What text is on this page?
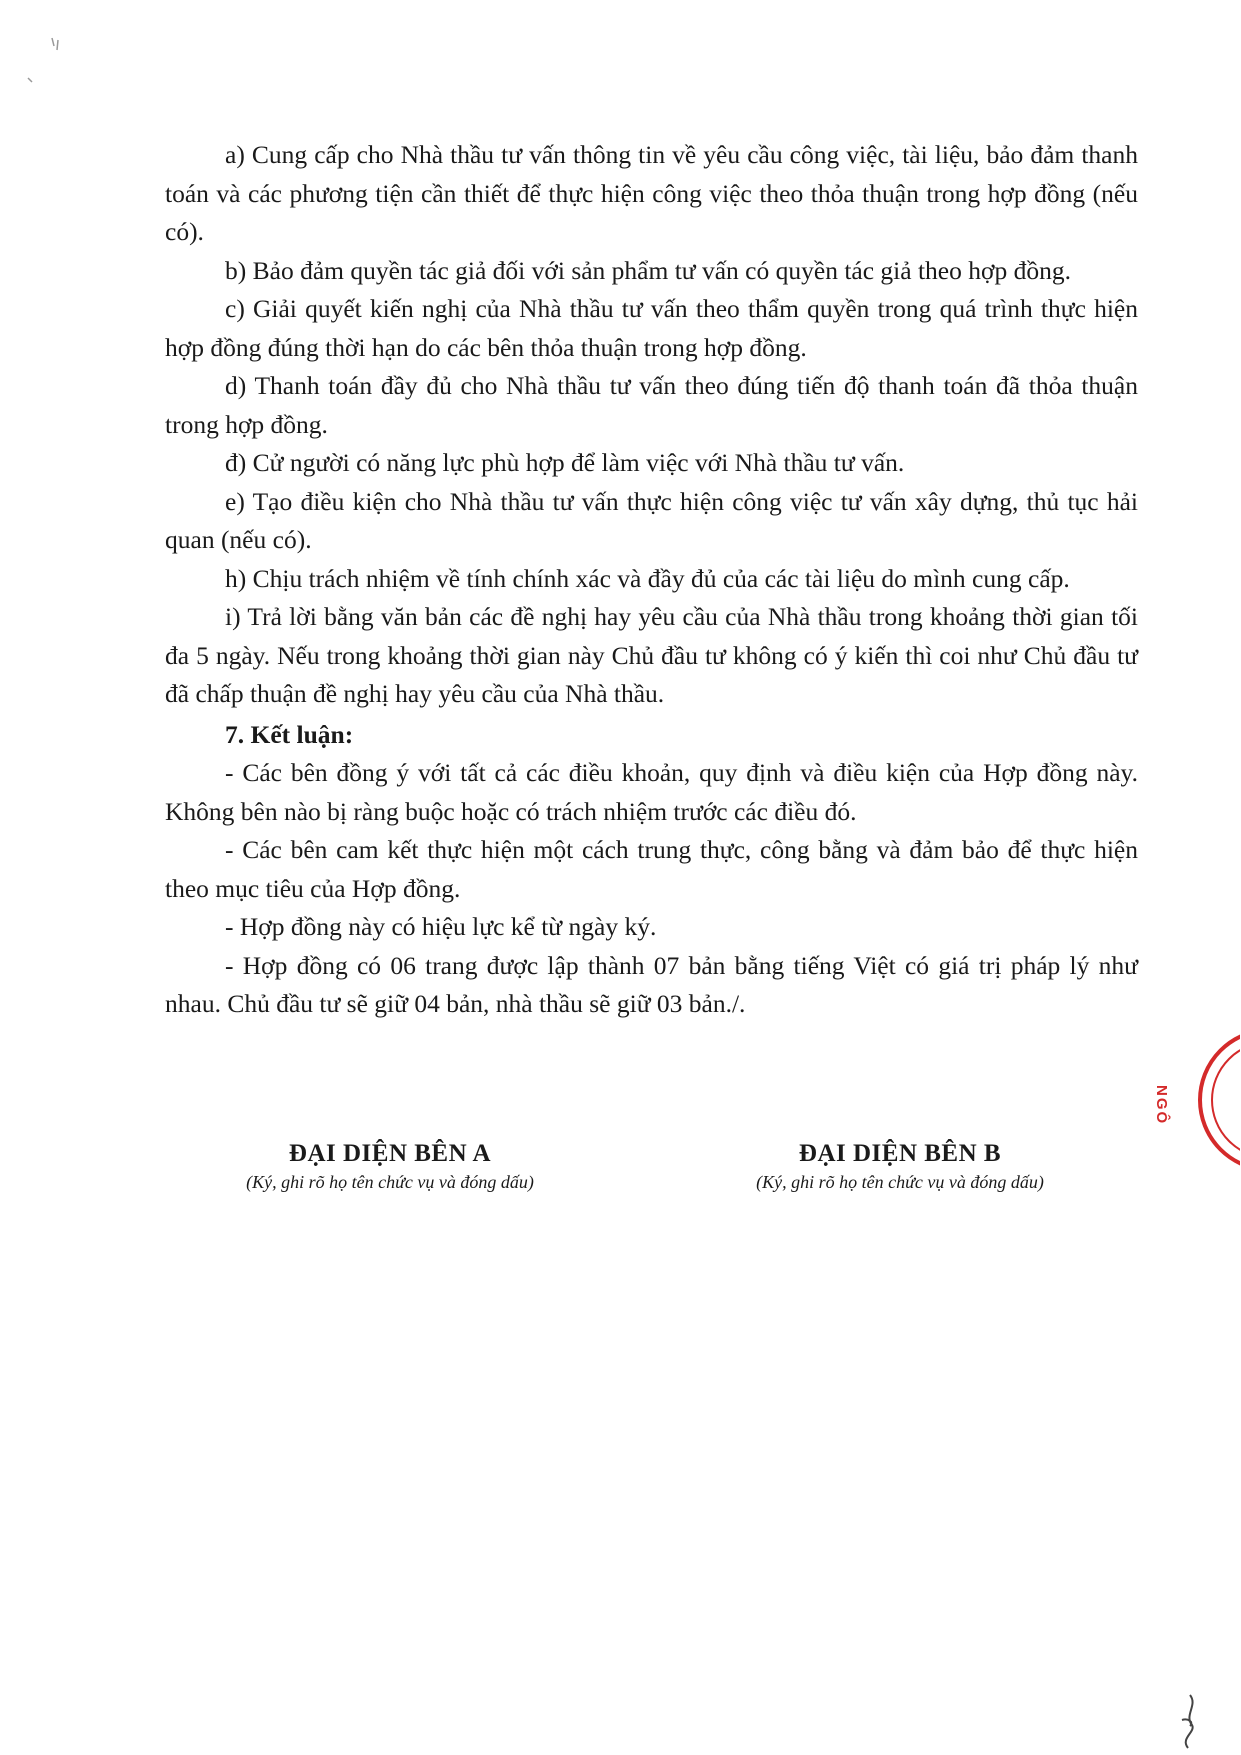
a) Cung cấp cho Nhà thầu tư vấn thông tin về yêu cầu công việc, tài liệu, bảo đảm thanh toán và các phương tiện cần thiết để thực hiện công việc theo thỏa thuận trong hợp đồng (nếu có).

b) Bảo đảm quyền tác giả đối với sản phẩm tư vấn có quyền tác giả theo hợp đồng.

c) Giải quyết kiến nghị của Nhà thầu tư vấn theo thẩm quyền trong quá trình thực hiện hợp đồng đúng thời hạn do các bên thỏa thuận trong hợp đồng.

d) Thanh toán đầy đủ cho Nhà thầu tư vấn theo đúng tiến độ thanh toán đã thỏa thuận trong hợp đồng.

đ) Cử người có năng lực phù hợp để làm việc với Nhà thầu tư vấn.

e) Tạo điều kiện cho Nhà thầu tư vấn thực hiện công việc tư vấn xây dựng, thủ tục hải quan (nếu có).

h) Chịu trách nhiệm về tính chính xác và đầy đủ của các tài liệu do mình cung cấp.

i) Trả lời bằng văn bản các đề nghị hay yêu cầu của Nhà thầu trong khoảng thời gian tối đa 5 ngày. Nếu trong khoảng thời gian này Chủ đầu tư không có ý kiến thì coi như Chủ đầu tư đã chấp thuận đề nghị hay yêu cầu của Nhà thầu.

7. Kết luận:

- Các bên đồng ý với tất cả các điều khoản, quy định và điều kiện của Hợp đồng này. Không bên nào bị ràng buộc hoặc có trách nhiệm trước các điều đó.

- Các bên cam kết thực hiện một cách trung thực, công bằng và đảm bảo để thực hiện theo mục tiêu của Hợp đồng.

- Hợp đồng này có hiệu lực kể từ ngày ký.

- Hợp đồng có 06 trang được lập thành 07 bản bằng tiếng Việt có giá trị pháp lý như nhau. Chủ đầu tư sẽ giữ 04 bản, nhà thầu sẽ giữ 03 bản./.

ĐẠI DIỆN BÊN A
(Ký, ghi rõ họ tên chức vụ và đóng dấu)
ĐẠI DIỆN BÊN B
(Ký, ghi rõ họ tên chức vụ và đóng dấu)
NGÔ
